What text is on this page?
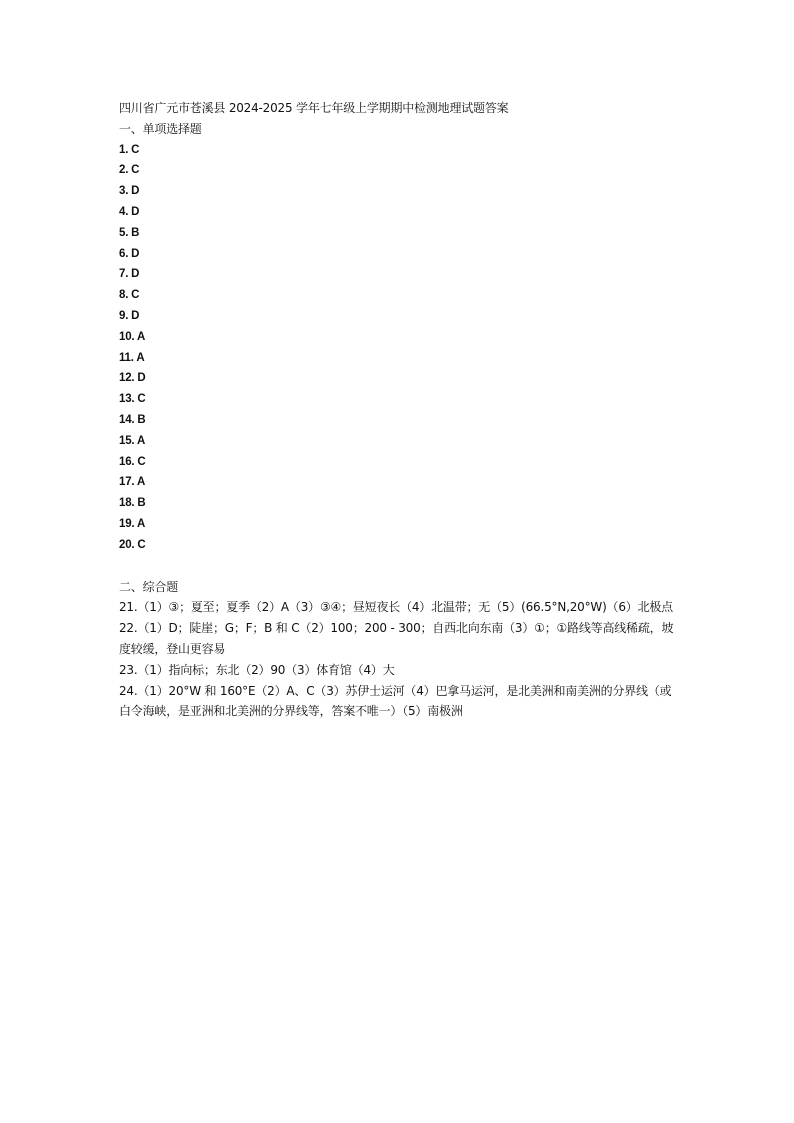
四川省广元市苍溪县 2024-2025 学年七年级上学期期中检测地理试题答案
一、单项选择题
1. C
2. C
3. D
4. D
5. B
6. D
7. D
8. C
9. D
10. A
11. A
12. D
13. C
14. B
15. A
16. C
17. A
18. B
19. A
20. C
二、综合题
21.（1）③；夏至；夏季（2）A（3）③④；昼短夜长（4）北温带；无（5）(66.5°N,20°W)（6）北极点
22.（1）D；陡崖；G；F；B 和 C（2）100；200 - 300；自西北向东南（3）①；①路线等高线稀疏，坡度较缓，登山更容易
23.（1）指向标；东北（2）90（3）体育馆（4）大
24.（1）20°W 和 160°E（2）A、C（3）苏伊士运河（4）巴拿马运河，是北美洲和南美洲的分界线（或白令海峡，是亚洲和北美洲的分界线等，答案不唯一）（5）南极洲
